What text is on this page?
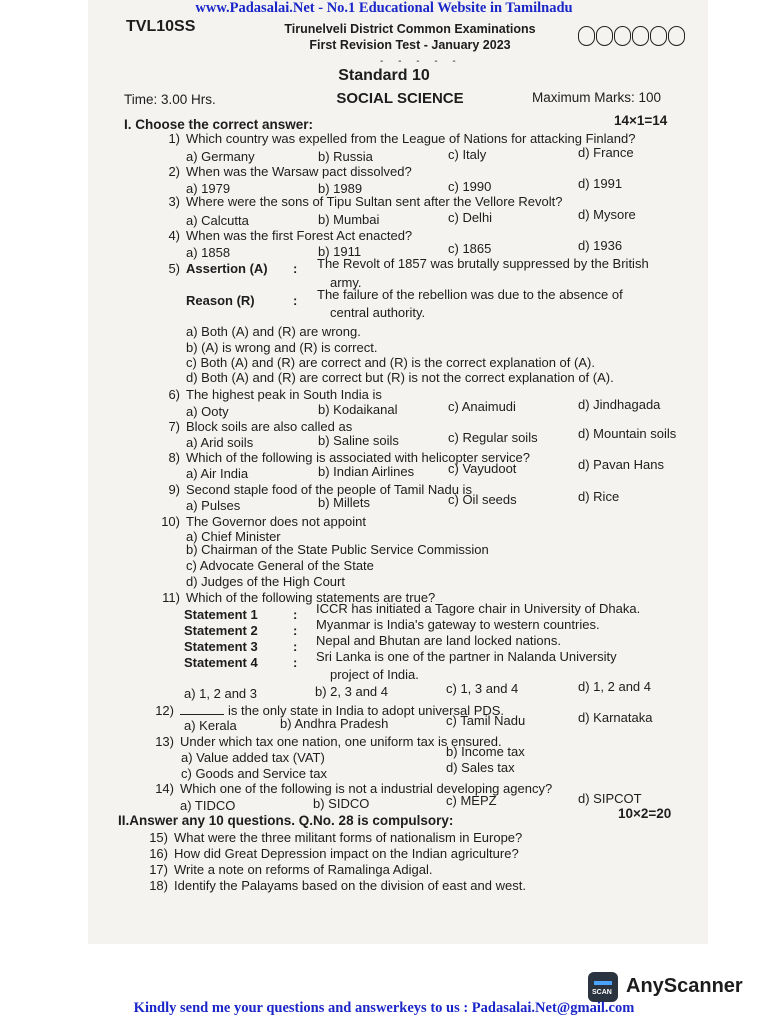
www.Padasalai.Net - No.1 Educational Website in Tamilnadu
TVL10SS	Tirunelveli District Common Examinations
First Revision Test - January 2023
- - - - -
Standard 10
Time: 3.00 Hrs.	SOCIAL SCIENCE	Maximum Marks: 100
I. Choose the correct answer:	14×1=14
1) Which country was expelled from the League of Nations for attacking Finland?
a) Germany	b) Russia	c) Italy	d) France
2) When was the Warsaw pact dissolved?
a) 1979	b) 1989	c) 1990	d) 1991
3) Where were the sons of Tipu Sultan sent after the Vellore Revolt?
a) Calcutta	b) Mumbai	c) Delhi	d) Mysore
4) When was the first Forest Act enacted?
a) 1858	b) 1911	c) 1865	d) 1936
5) Assertion (A) : The Revolt of 1857 was brutally suppressed by the British
army.
Reason (R)	: The failure of the rebellion was due to the absence of
central authority.
a) Both (A) and (R) are wrong.
b) (A) is wrong and (R) is correct.
c) Both (A) and (R) are correct and (R) is the correct explanation of (A).
d) Both (A) and (R) are correct but (R) is not the correct explanation of (A).
6) The highest peak in South India is
a) Ooty	b) Kodaikanal	c) Anaimudi	d) Jindhagada
7) Block soils are also called as
a) Arid soils	b) Saline soils	c) Regular soils	d) Mountain soils
8) Which of the following is associated with helicopter service?
a) Air India	b) Indian Airlines	c) Vayudoot	d) Pavan Hans
9) Second staple food of the people of Tamil Nadu is
a) Pulses	b) Millets	c) Oil seeds	d) Rice
10) The Governor does not appoint
a) Chief Minister
b) Chairman of the State Public Service Commission
c) Advocate General of the State
d) Judges of the High Court
11) Which of the following statements are true?
Statement 1	: ICCR has initiated a Tagore chair in University of Dhaka.
Statement 2	: Myanmar is India's gateway to western countries.
Statement 3	: Nepal and Bhutan are land locked nations.
Statement 4	: Sri Lanka is one of the partner in Nalanda University
project of India.
a) 1, 2 and 3	b) 2, 3 and 4	c) 1, 3 and 4	d) 1, 2 and 4
12)	is the only state in India to adopt universal PDS.
a) Kerala	b) Andhra Pradesh	c) Tamil Nadu	d) Karnataka
13) Under which tax one nation, one uniform tax is ensured.
a) Value added tax (VAT)	b) Income tax
c) Goods and Service tax	d) Sales tax
14) Which one of the following is not a industrial developing agency?
a) TIDCO	b) SIDCO	c) MEPZ	d) SIPCOT
II.Answer any 10 questions. Q.No. 28 is compulsory:	10×2=20
15) What were the three militant forms of nationalism in Europe?
16) How did Great Depression impact on the Indian agriculture?
17) Write a note on reforms of Ramalinga Adigal.
18) Identify the Palayams based on the division of east and west.
SCAN AnyScanner
Kindly send me your questions and answerkeys to us : Padasalai.Net@gmail.com
